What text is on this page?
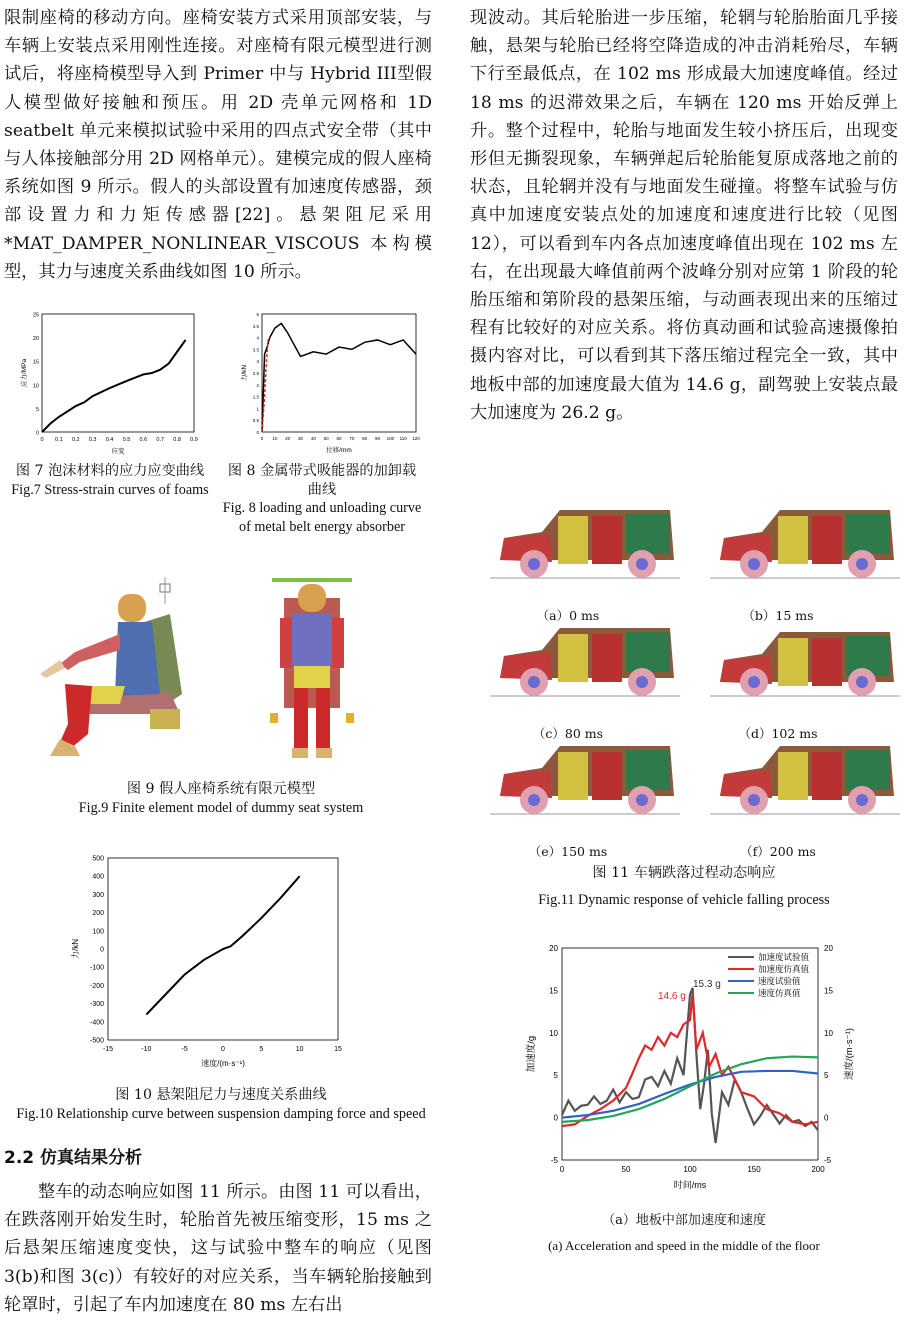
限制座椅的移动方向。座椅安装方式采用顶部安装，与车辆上安装点采用刚性连接。对座椅有限元模型进行测试后，将座椅模型导入到 Primer 中与 Hybrid III型假人模型做好接触和预压。用 2D 壳单元网格和 1D seatbelt 单元来模拟试验中采用的四点式安全带（其中与人体接触部分用 2D 网格单元）。建模完成的假人座椅系统如图 9 所示。假人的头部设置有加速度传感器，颈部设置力和力矩传感器[22]。悬架阻尼采用*MAT_DAMPER_NONLINEAR_VISCOUS 本构模型，其力与速度关系曲线如图 10 所示。

0
5
10
15
20
25
0 0.1 0.2 0.3 0.4 0.5 0.6 0.7 0.8 0.9
应变
应力/MPa
0
0.5
1
1.5
2
2.5
3
3.5
4
4.5
5
0 10 20 30 40 50 60 70 80 90 100 110 120
位移/mm
力/kN

图 7 泡沫材料的应力应变曲线

Fig.7 Stress-strain curves of foams

图 8 金属带式吸能器的加卸载曲线

Fig. 8 loading and unloading curve of metal belt energy absorber

图 9 假人座椅系统有限元模型

Fig.9 Finite element model of dummy seat system

500
400
300
200
100
0
-100
-200
-300
-400
-500
-15	-10	-5	0	5	10	15
速度/(m·s⁻¹)
力/kN

图 10 悬架阻尼力与速度关系曲线

Fig.10 Relationship curve between suspension damping force and speed

2.2 仿真结果分析

整车的动态响应如图 11 所示。由图 11 可以看出，在跌落刚开始发生时，轮胎首先被压缩变形，15 ms 之后悬架压缩速度变快，这与试验中整车的响应（见图 3(b)和图 3(c)）有较好的对应关系，当车辆轮胎接触到轮罩时，引起了车内加速度在 80 ms 左右出

现波动。其后轮胎进一步压缩，轮辋与轮胎胎面几乎接触，悬架与轮胎已经将空降造成的冲击消耗殆尽，车辆下行至最低点，在 102 ms 形成最大加速度峰值。经过 18 ms 的迟滞效果之后，车辆在 120 ms 开始反弹上升。整个过程中，轮胎与地面发生较小挤压后，出现变形但无撕裂现象，车辆弹起后轮胎能复原成落地之前的状态，且轮辋并没有与地面发生碰撞。将整车试验与仿真中加速度安装点处的加速度和速度进行比较（见图12），可以看到车内各点加速度峰值出现在 102 ms 左右，在出现最大峰值前两个波峰分别对应第 1 阶段的轮胎压缩和第阶段的悬架压缩，与动画表现出来的压缩过程有比较好的对应关系。将仿真动画和试验高速摄像拍摄内容对比，可以看到其下落压缩过程完全一致，其中地板中部的加速度最大值为 14.6 g，副驾驶上安装点最大加速度为 26.2 g。

（a）0 ms	（b）15 ms
（c）80 ms	（d）102 ms
（e）150 ms	（f）200 ms

图 11 车辆跌落过程动态响应

Fig.11 Dynamic response of vehicle falling process

20	20
15	15
10	10
5	5
0	0
-5	-5
0	50	100	150	200
时间/ms
加速度/g	速度/(m·s⁻¹)
15.3 g
14.6 g
加速度试验值
加速度仿真值
速度试验值
速度仿真值

（a）地板中部加速度和速度

(a) Acceleration and speed in the middle of the floor
